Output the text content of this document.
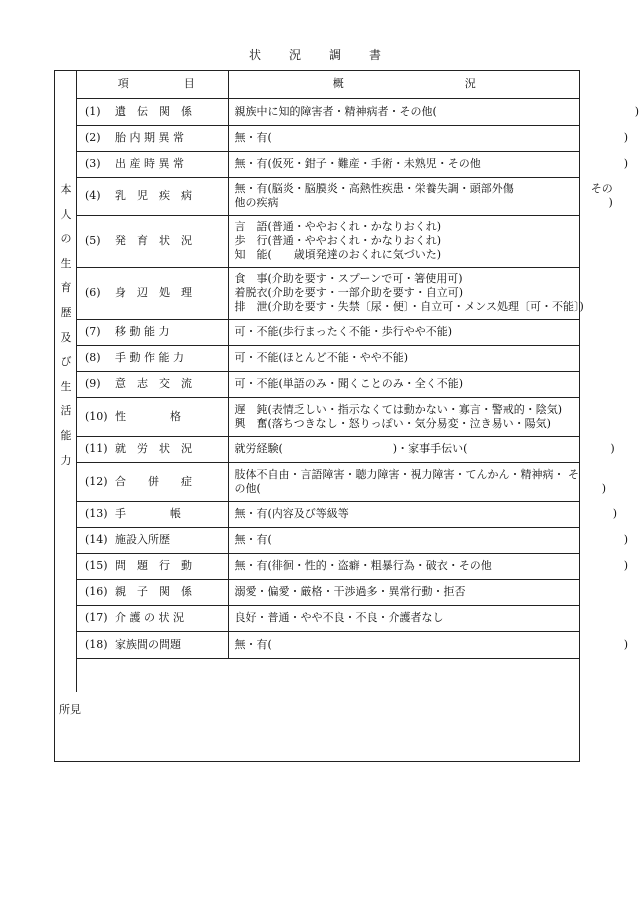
状 況 調 書
本
人
の
生
育
歴
及
び
生
活
能
力
項　　　　　目	概　　　　　　　　　　　況
(1) 遺　伝　関　係	親族中に知的障害者・精神病者・その他(　　　　　　　　　　　　　　　　　　)

(2) 胎 内 期 異 常	無・有(　　　　　　　　　　　　　　　　　　　　　　　　　　　　　　　　)

(3) 出 産 時 異 常	無・有(仮死・鉗子・難産・手術・未熟児・その他　　　　　　　　　　　　　)

(4) 乳　児　疾　病	無・有(脳炎・脳膜炎・高熱性疾患・栄養失調・頭部外傷　　　　　　　その
他の疾病　　　　　　　　　　　　　　　　　　　　　　　　　　　　　　)

(5) 発　育　状　況	言　語(普通・ややおくれ・かなりおくれ)
歩　行(普通・ややおくれ・かなりおくれ)
知　能(　　歳頃発達のおくれに気づいた)

(6) 身　辺　処　理	食　事(介助を要す・スプーンで可・箸使用可)
着脱衣(介助を要す・一部介助を要す・自立可)
排　泄(介助を要す・失禁〔尿・便〕・自立可・メンス処理〔可・不能〕)

(7) 移 動 能 力	可・不能(歩行まったく不能・歩行やや不能)

(8) 手 動 作 能 力	可・不能(ほとんど不能・やや不能)

(9) 意　志　交　流	可・不能(単語のみ・聞くことのみ・全く不能)

(10) 性　　　　格	遅　鈍(表情乏しい・指示なくては動かない・寡言・警戒的・陰気)
興　奮(落ちつきなし・怒りっぽい・気分易変・泣き易い・陽気)

(11) 就　労　状　況	就労経験(　　　　　　　　　　)・家事手伝い(　　　　　　　　　　　　　)

(12) 合　　併　　症	肢体不自由・言語障害・聴力障害・視力障害・てんかん・精神病・ そ
の他(　　　　　　　　　　　　　　　　　　　　　　　　　　　　　　　)

(13) 手　　　　帳	無・有(内容及び等級等　　　　　　　　　　　　　　　　　　　　　　　　)

(14) 施設入所歴	無・有(　　　　　　　　　　　　　　　　　　　　　　　　　　　　　　　　)

(15) 問　題　行　動	無・有(徘徊・性的・盗癖・粗暴行為・破衣・その他　　　　　　　　　　　　)

(16) 親　子　関　係	溺愛・偏愛・厳格・干渉過多・異常行動・拒否

(17) 介 護 の 状 況	良好・普通・やや不良・不良・介護者なし

(18) 家族間の問題	無・有(　　　　　　　　　　　　　　　　　　　　　　　　　　　　　　　　)
所見
